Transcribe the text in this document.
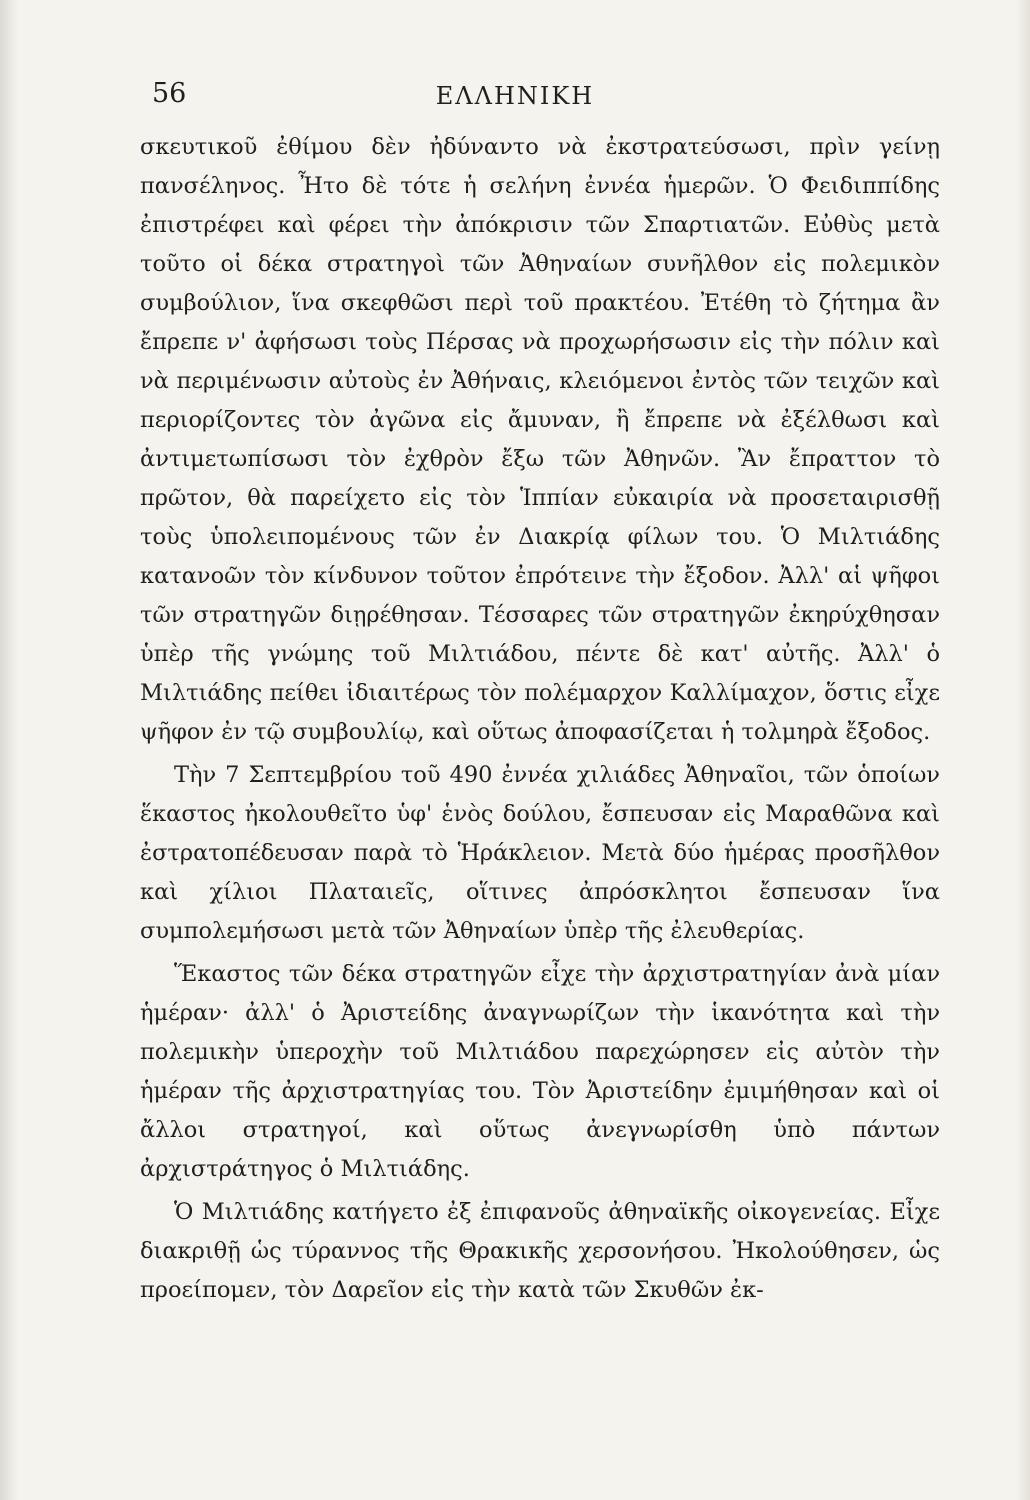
56	ΕΛΛΗΝΙΚΗ

σκευτικοῦ ἐθίμου δὲν ἠδύναντο νὰ ἐκστρατεύσωσι, πρὶν γείνῃ πανσέληνος. Ἦτο δὲ τότε ἡ σελήνη ἐννέα ἡμερῶν. Ὁ Φειδιππίδης ἐπιστρέφει καὶ φέρει τὴν ἀπόκρισιν τῶν Σπαρτιατῶν. Εὐθὺς μετὰ τοῦτο οἱ δέκα στρατηγοὶ τῶν Ἀθηναίων συνῆλθον εἰς πολεμικὸν συμβούλιον, ἵνα σκεφθῶσι περὶ τοῦ πρακτέου. Ἐτέθη τὸ ζήτημα ἂν ἔπρεπε ν' ἀφήσωσι τοὺς Πέρσας νὰ προχωρήσωσιν εἰς τὴν πόλιν καὶ νὰ περιμένωσιν αὐτοὺς ἐν Ἀθήναις, κλειόμενοι ἐντὸς τῶν τειχῶν καὶ περιορίζοντες τὸν ἀγῶνα εἰς ἄμυναν, ἢ ἔπρεπε νὰ ἐξέλθωσι καὶ ἀντιμετωπίσωσι τὸν ἐχθρὸν ἔξω τῶν Ἀθηνῶν. Ἂν ἔπραττον τὸ πρῶτον, θὰ παρείχετο εἰς τὸν Ἱππίαν εὐκαιρία νὰ προσεταιρισθῇ τοὺς ὑπολειπομένους τῶν ἐν Διακρίᾳ φίλων του. Ὁ Μιλτιάδης κατανοῶν τὸν κίνδυνον τοῦτον ἐπρότεινε τὴν ἔξοδον. Ἀλλ' αἱ ψῆφοι τῶν στρατηγῶν διῃρέθησαν. Τέσσαρες τῶν στρατηγῶν ἐκηρύχθησαν ὑπὲρ τῆς γνώμης τοῦ Μιλτιάδου, πέντε δὲ κατ' αὐτῆς. Ἀλλ' ὁ Μιλτιάδης πείθει ἰδιαιτέρως τὸν πολέμαρχον Καλλίμαχον, ὅστις εἶχε ψῆφον ἐν τῷ συμβουλίῳ, καὶ οὕτως ἀποφασίζεται ἡ τολμηρὰ ἔξοδος.

Τὴν 7 Σεπτεμβρίου τοῦ 490 ἐννέα χιλιάδες Ἀθηναῖοι, τῶν ὁποίων ἕκαστος ἠκολουθεῖτο ὑφ' ἑνὸς δούλου, ἔσπευσαν εἰς Μαραθῶνα καὶ ἐστρατοπέδευσαν παρὰ τὸ Ἡράκλειον. Μετὰ δύο ἡμέρας προσῆλθον καὶ χίλιοι Πλαταιεῖς, οἵτινες ἀπρόσκλητοι ἔσπευσαν ἵνα συμπολεμήσωσι μετὰ τῶν Ἀθηναίων ὑπὲρ τῆς ἐλευθερίας.

Ἕκαστος τῶν δέκα στρατηγῶν εἶχε τὴν ἀρχιστρατηγίαν ἀνὰ μίαν ἡμέραν· ἀλλ' ὁ Ἀριστείδης ἀναγνωρίζων τὴν ἱκανότητα καὶ τὴν πολεμικὴν ὑπεροχὴν τοῦ Μιλτιάδου παρεχώρησεν εἰς αὐτὸν τὴν ἡμέραν τῆς ἀρχιστρατηγίας του. Τὸν Ἀριστείδην ἐμιμήθησαν καὶ οἱ ἄλλοι στρατηγοί, καὶ οὕτως ἀνεγνωρίσθη ὑπὸ πάντων ἀρχιστράτηγος ὁ Μιλτιάδης.

Ὁ Μιλτιάδης κατήγετο ἐξ ἐπιφανοῦς ἀθηναϊκῆς οἰκογενείας. Εἶχε διακριθῇ ὡς τύραννος τῆς Θρακικῆς χερσονήσου. Ἠκολούθησεν, ὡς προείπομεν, τὸν Δαρεῖον εἰς τὴν κατὰ τῶν Σκυθῶν ἐκ-
